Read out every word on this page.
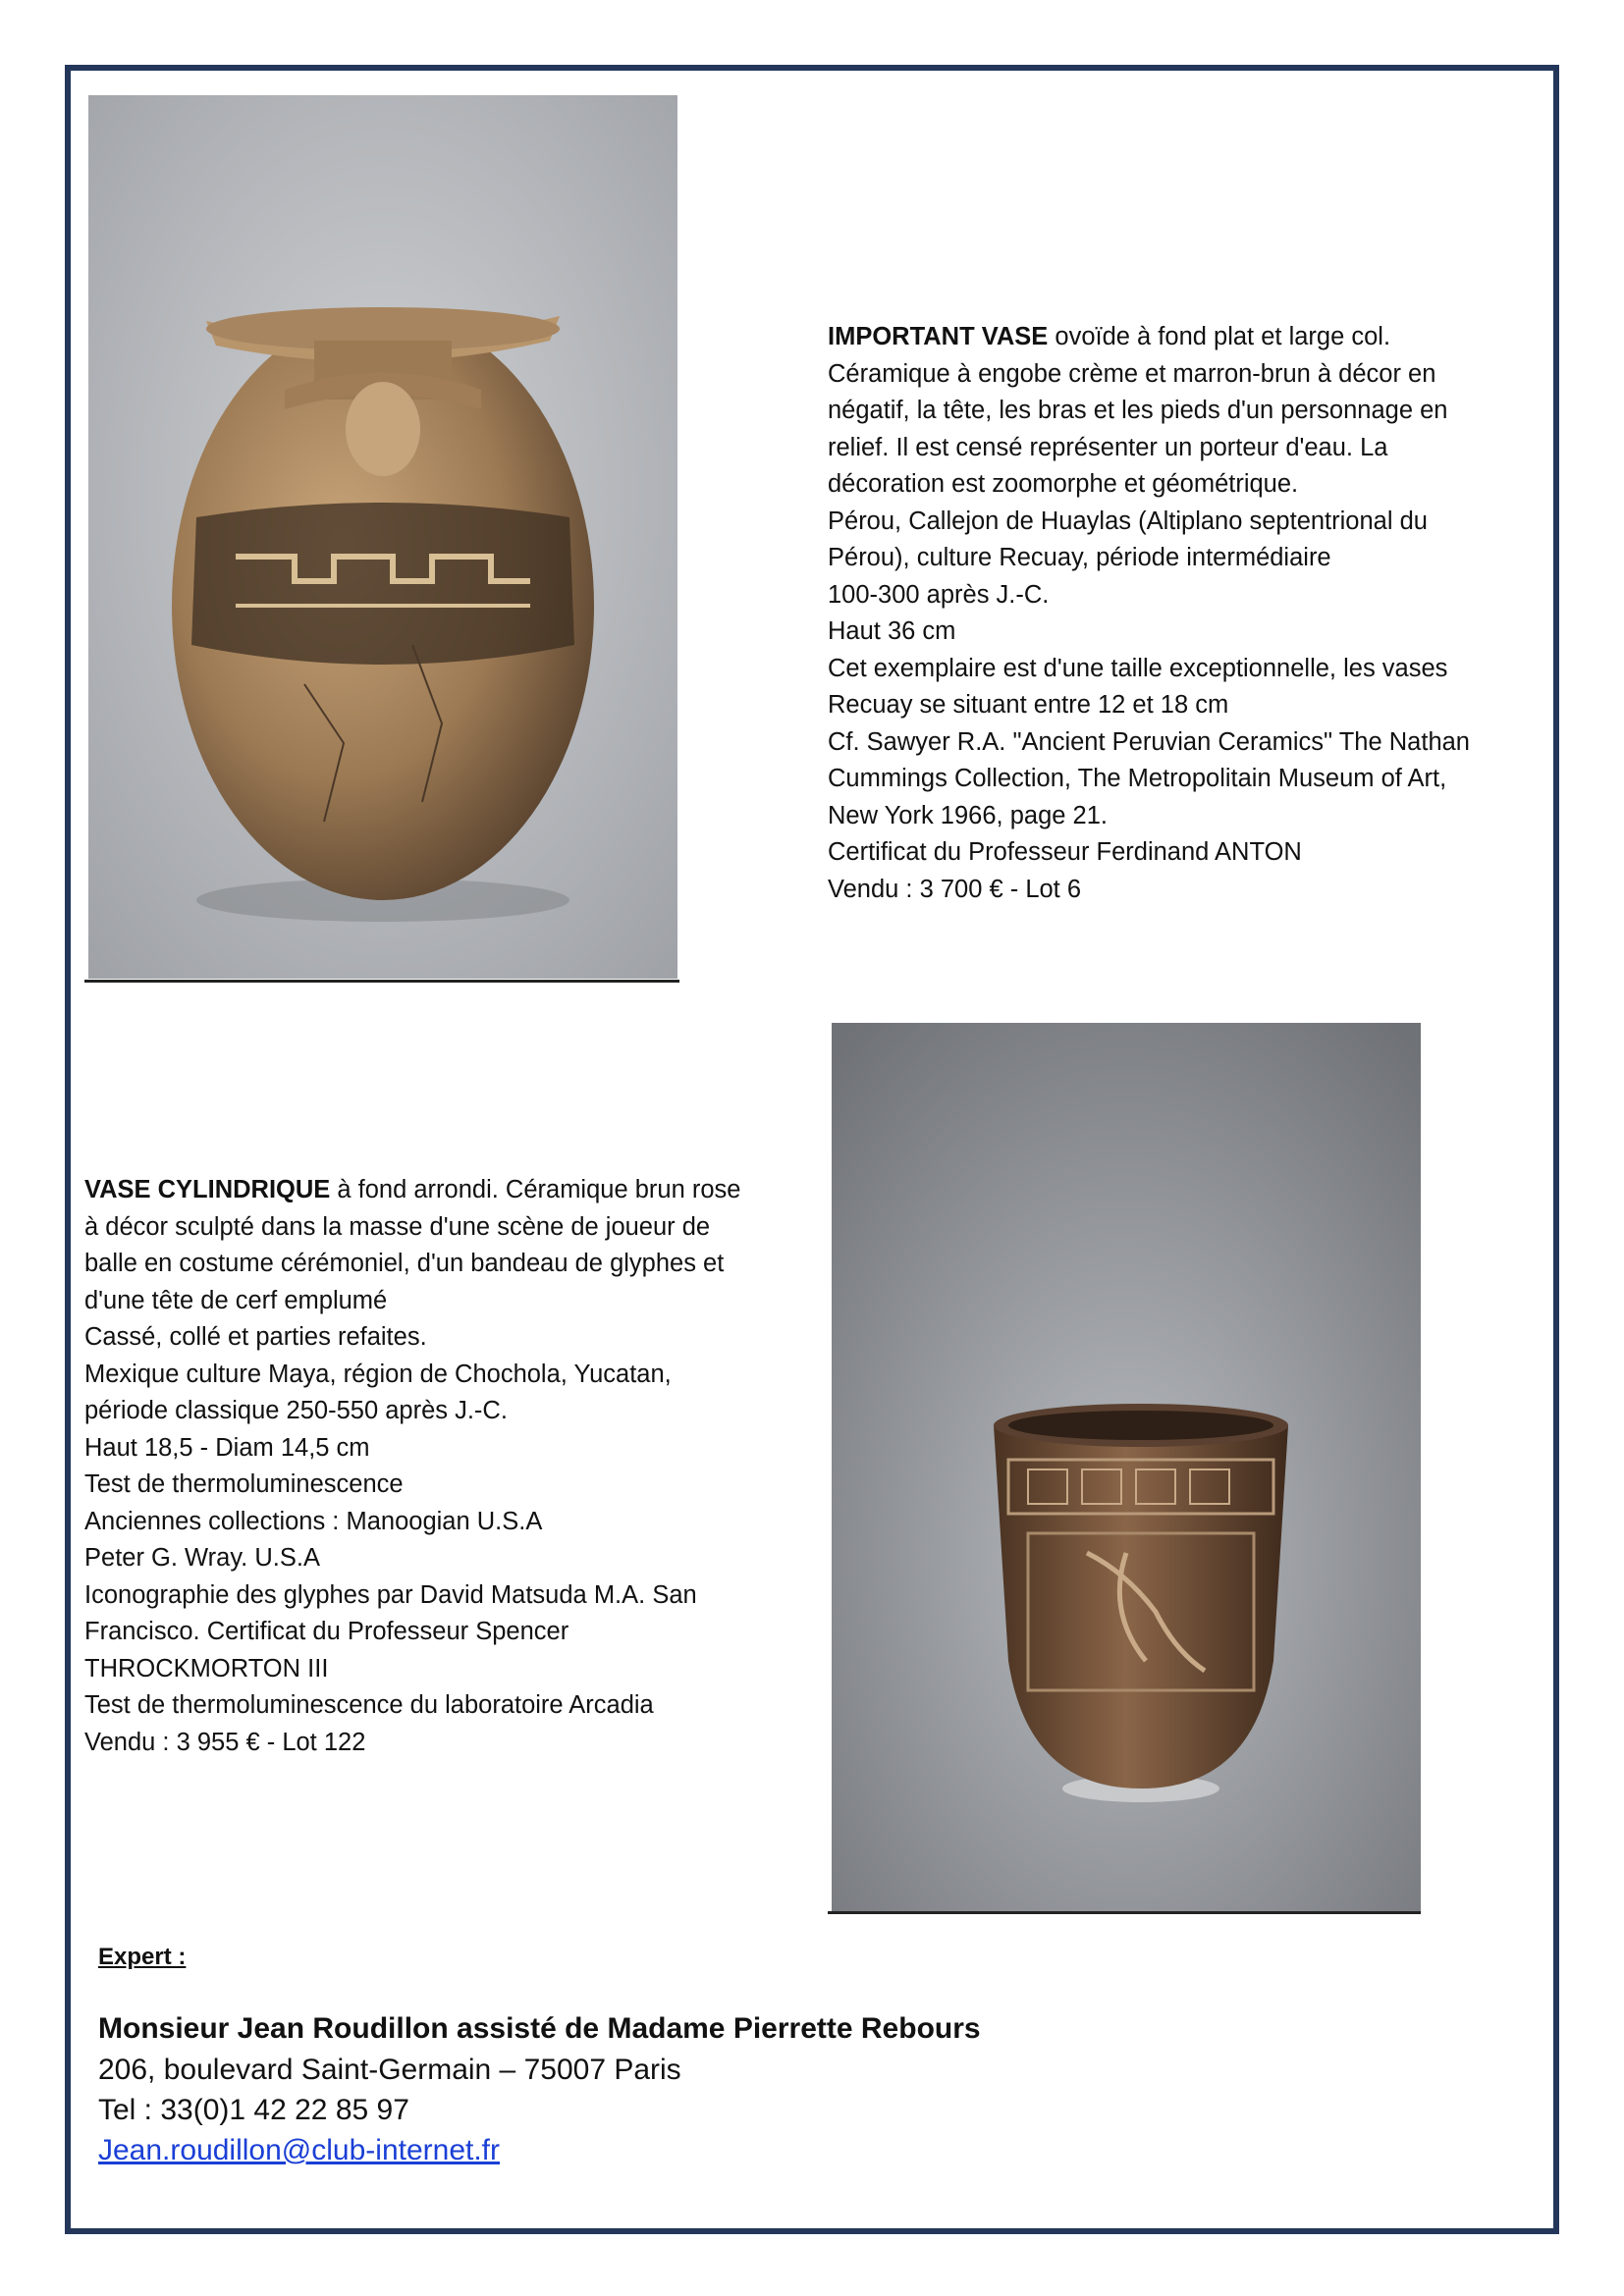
IMPORTANT VASE ovoïde à fond plat et large col.

Céramique à engobe crème et marron-brun à décor en

négatif, la tête, les bras et les pieds d'un personnage en

relief. Il est censé représenter un porteur d'eau. La

décoration est zoomorphe et géométrique.

Pérou, Callejon de Huaylas (Altiplano septentrional du

Pérou), culture Recuay, période intermédiaire

100-300 après J.-C.

Haut 36 cm

Cet exemplaire est d'une taille exceptionnelle, les vases

Recuay se situant entre 12 et 18 cm

Cf. Sawyer R.A. "Ancient Peruvian Ceramics" The Nathan

Cummings Collection, The Metropolitain Museum of Art,

New York 1966, page 21.

Certificat du Professeur Ferdinand ANTON

Vendu : 3 700 € - Lot 6

VASE CYLINDRIQUE à fond arrondi. Céramique brun rose

à décor sculpté dans la masse d'une scène de joueur de

balle en costume cérémoniel, d'un bandeau de glyphes et

d'une tête de cerf emplumé

Cassé, collé et parties refaites.

Mexique culture Maya, région de Chochola, Yucatan,

période classique 250-550 après J.-C.

Haut 18,5 - Diam 14,5 cm

Test de thermoluminescence

Anciennes collections : Manoogian U.S.A

Peter G. Wray. U.S.A

Iconographie des glyphes par David Matsuda M.A. San

Francisco. Certificat du Professeur Spencer

THROCKMORTON III

Test de thermoluminescence du laboratoire Arcadia

Vendu : 3 955 € - Lot 122

Expert :

Monsieur Jean Roudillon assisté de Madame Pierrette Rebours

206, boulevard Saint-Germain – 75007 Paris

Tel : 33(0)1 42 22 85 97

Jean.roudillon@club-internet.fr
